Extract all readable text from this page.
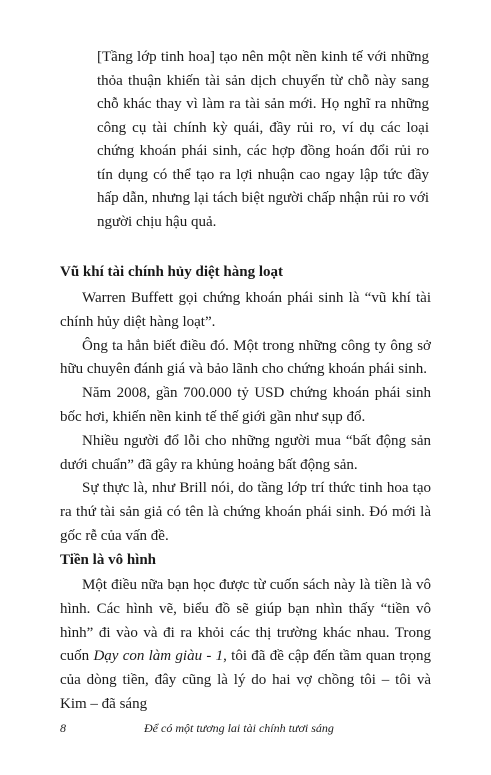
[Tầng lớp tinh hoa] tạo nên một nền kinh tế với những thỏa thuận khiến tài sản dịch chuyển từ chỗ này sang chỗ khác thay vì làm ra tài sản mới. Họ nghĩ ra những công cụ tài chính kỳ quái, đầy rủi ro, ví dụ các loại chứng khoán phái sinh, các hợp đồng hoán đổi rủi ro tín dụng có thể tạo ra lợi nhuận cao ngay lập tức đầy hấp dẫn, nhưng lại tách biệt người chấp nhận rủi ro với người chịu hậu quả.

Vũ khí tài chính hủy diệt hàng loạt

Warren Buffett gọi chứng khoán phái sinh là “vũ khí tài chính hủy diệt hàng loạt”.

Ông ta hẳn biết điều đó. Một trong những công ty ông sở hữu chuyên đánh giá và bảo lãnh cho chứng khoán phái sinh.

Năm 2008, gần 700.000 tỷ USD chứng khoán phái sinh bốc hơi, khiến nền kinh tế thế giới gần như sụp đổ.

Nhiều người đổ lỗi cho những người mua “bất động sản dưới chuẩn” đã gây ra khủng hoảng bất động sản.

Sự thực là, như Brill nói, do tầng lớp trí thức tinh hoa tạo ra thứ tài sản giả có tên là chứng khoán phái sinh. Đó mới là gốc rễ của vấn đề.

Tiền là vô hình

Một điều nữa bạn học được từ cuốn sách này là tiền là vô hình. Các hình vẽ, biểu đồ sẽ giúp bạn nhìn thấy “tiền vô hình” đi vào và đi ra khỏi các thị trường khác nhau. Trong cuốn Dạy con làm giàu - 1, tôi đã đề cập đến tầm quan trọng của dòng tiền, đây cũng là lý do hai vợ chồng tôi – tôi và Kim – đã sáng

8	Để có một tương lai tài chính tươi sáng
